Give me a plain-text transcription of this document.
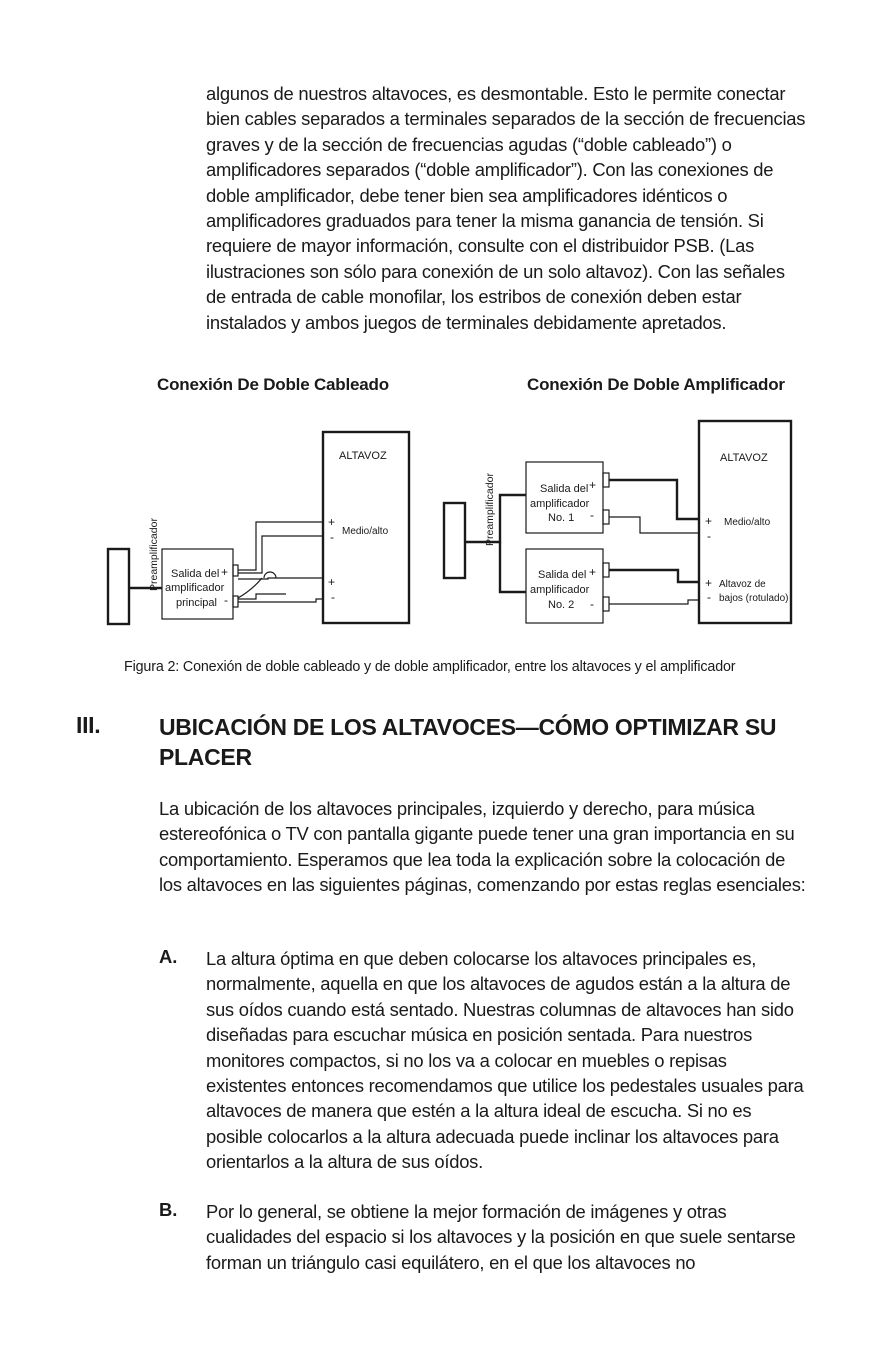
algunos de nuestros altavoces, es desmontable. Esto le permite conectar bien cables separados a terminales separados de la sección de frecuencias graves y de la sección de frecuencias agudas (“doble cableado”) o amplificadores separados (“doble amplificador”). Con las conexiones de doble amplificador, debe tener bien sea amplificadores idénticos o amplificadores graduados para tener la misma ganancia de tensión. Si requiere de mayor información, consulte con el distribuidor PSB. (Las ilustraciones son sólo para conexión de un solo altavoz). Con las señales de entrada de cable monofilar, los estribos de conexión deben estar instalados y ambos juegos de terminales debidamente apretados.

Conexión De Doble Cableado	Conexión De Doble Amplificador
Preamplificador Salida del +
amplificador
principal -
ALTAVOZ
+
Medio/alto
-
+
-
Preamplificador	Salida del +
amplificador
No. 1 -
Salida del +
amplificador
No. 2 -
ALTAVOZ
+ Medio/alto
-
+ Altavoz de
- bajos (rotulado)
Figura 2: Conexión de doble cableado y de doble amplificador, entre los altavoces y el amplificador
III.	UBICACIÓN DE LOS ALTAVOCES—CÓMO OPTIMIZAR SU PLACER

La ubicación de los altavoces principales, izquierdo y derecho, para música estereofónica o TV con pantalla gigante puede tener una gran importancia en su comportamiento. Esperamos que lea toda la explicación sobre la colocación de los altavoces en las siguientes páginas, comenzando por estas reglas esenciales:

A. La altura óptima en que deben colocarse los altavoces principales es, normalmente, aquella en que los altavoces de agudos están a la altura de sus oídos cuando está sentado. Nuestras columnas de altavoces han sido diseñadas para escuchar música en posición sentada. Para nuestros monitores compactos, si no los va a colocar en muebles o repisas existentes entonces recomendamos que utilice los pedestales usuales para altavoces de manera que estén a la altura ideal de escucha. Si no es posible colocarlos a la altura adecuada puede inclinar los altavoces para orientarlos a la altura de sus oídos.

B. Por lo general, se obtiene la mejor formación de imágenes y otras cualidades del espacio si los altavoces y la posición en que suele sentarse forman un triángulo casi equilátero, en el que los altavoces no
